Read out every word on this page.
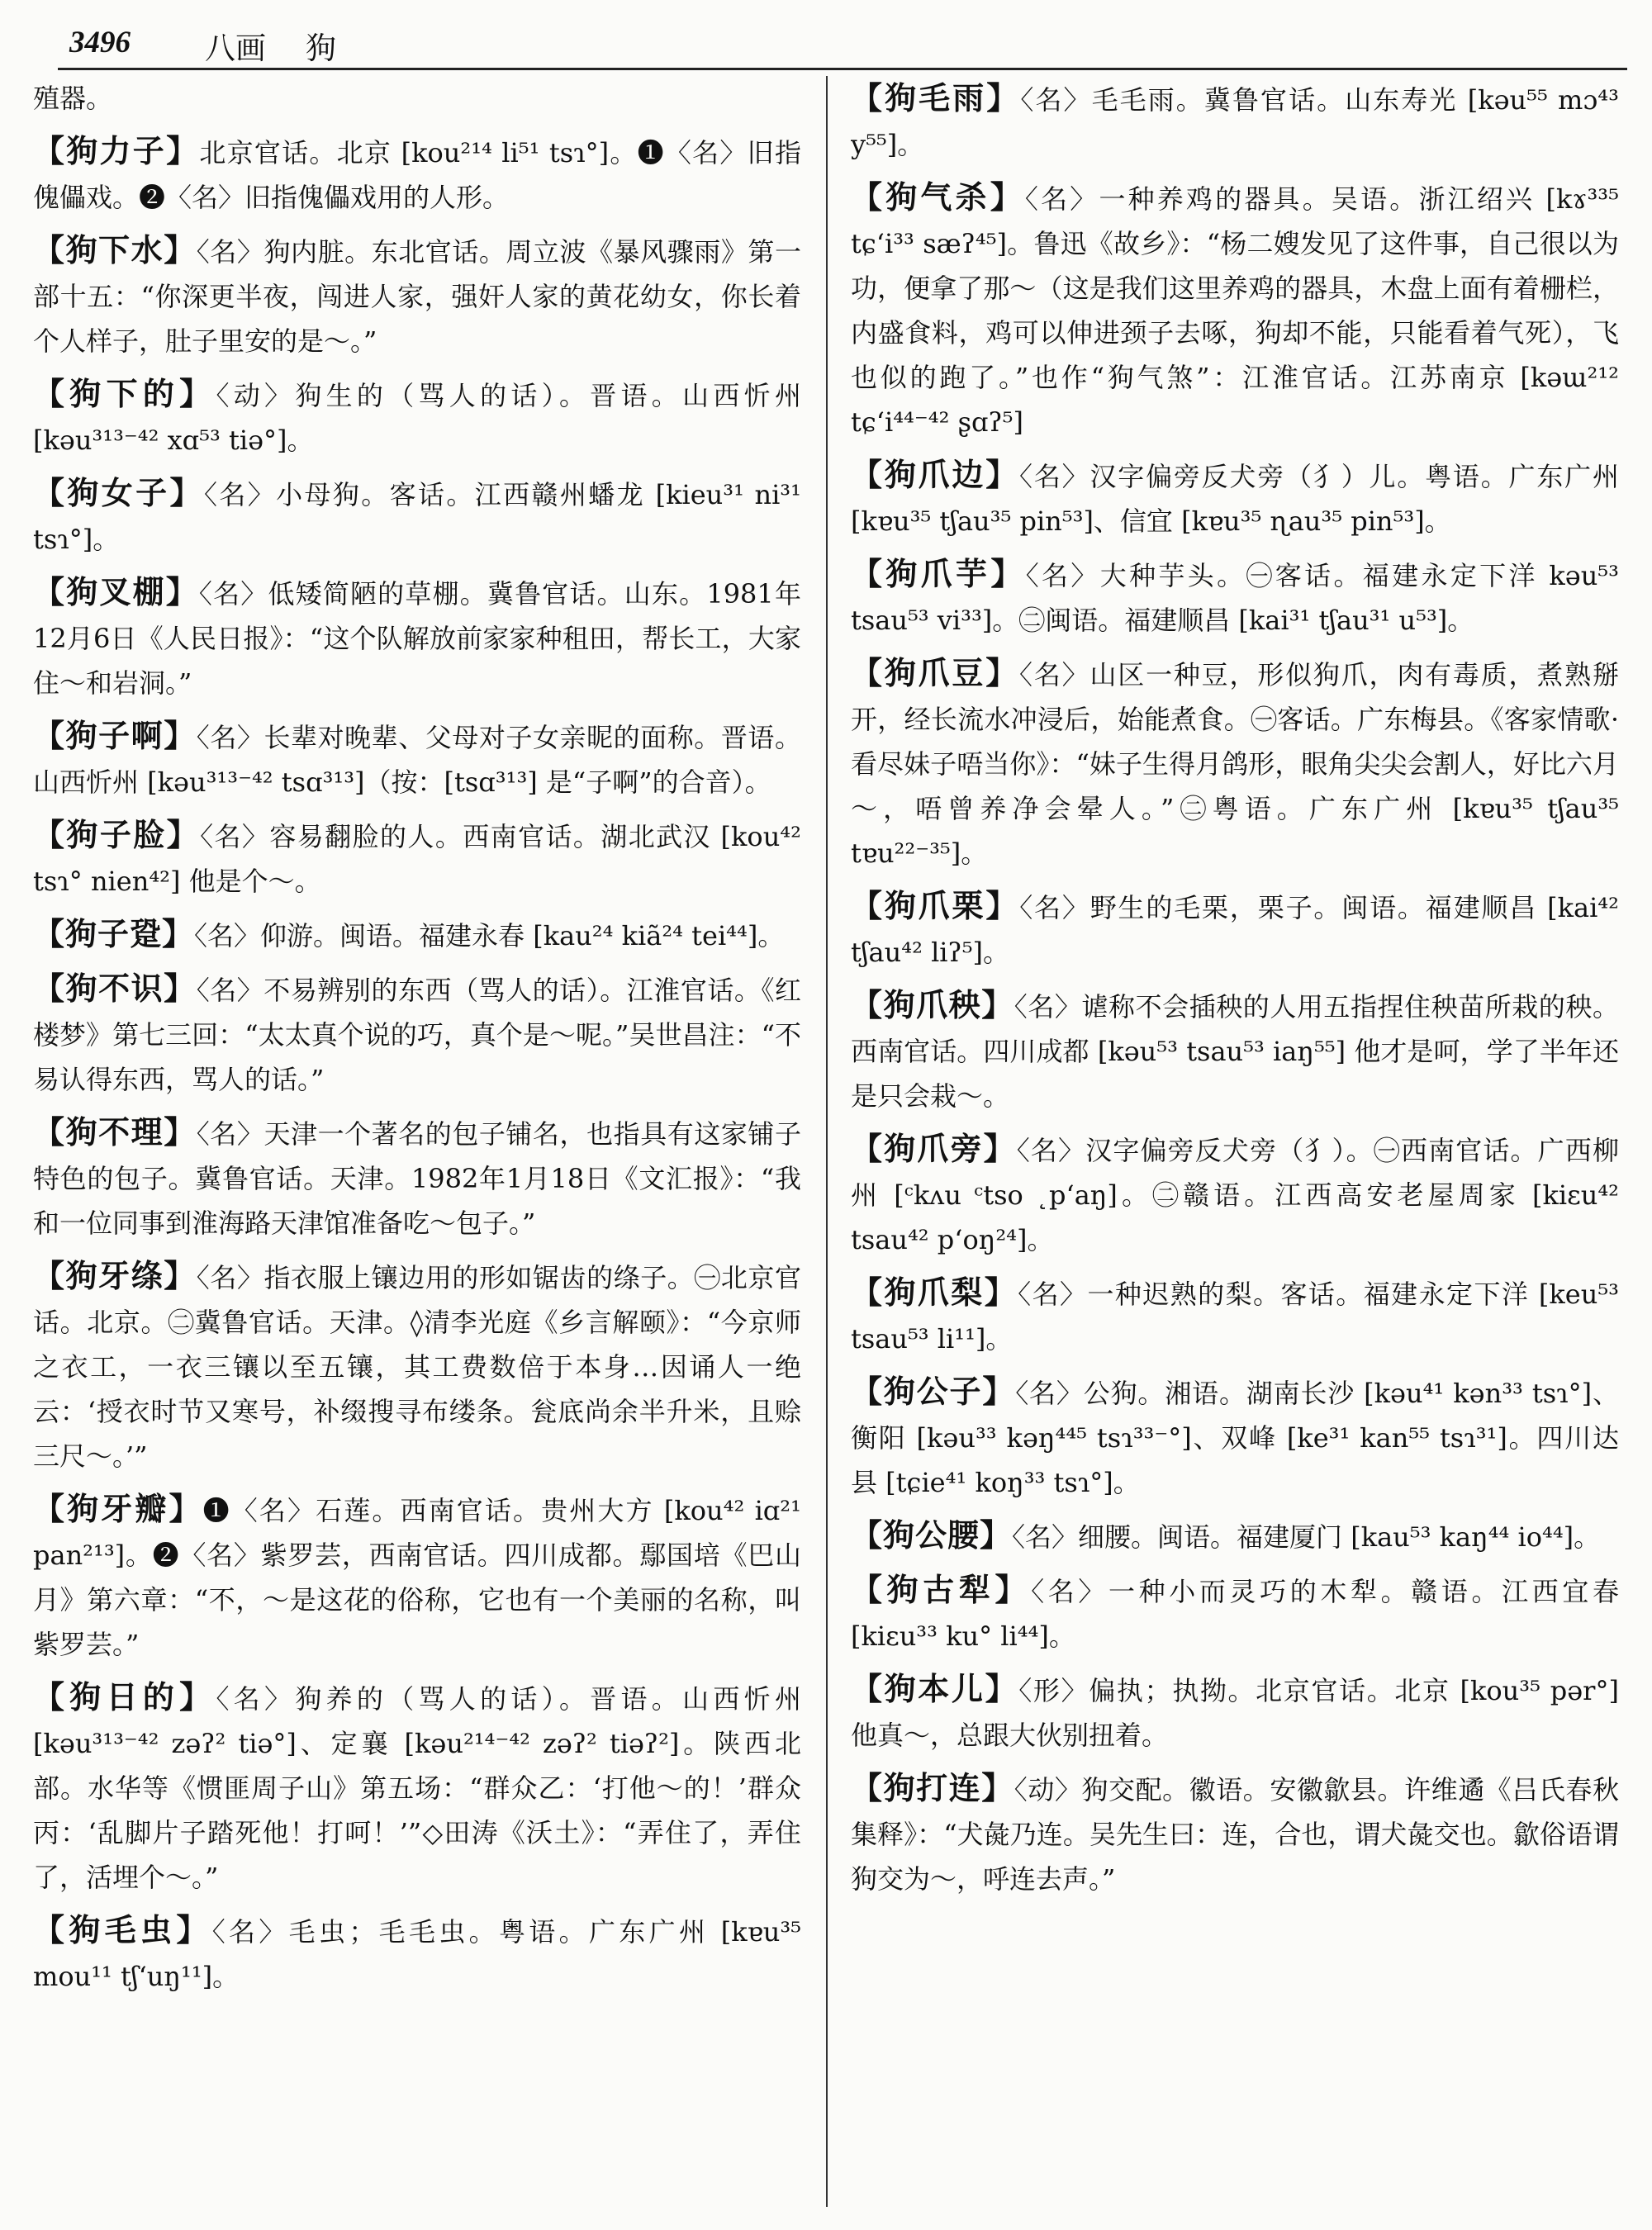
3496 八画 狗

殖器。

【 狗力子 】 北京官话。北京 [kou²¹⁴ li⁵¹ tsɿ°]。❶〈名〉旧指傀儡戏。❷〈名〉旧指傀儡戏用的人形。

【 狗下水 】 〈名〉狗内脏。东北官话。周立波《暴风骤雨》第一部十五：“你深更半夜，闯进人家，强奸人家的黄花幼女，你长着个人样子，肚子里安的是～。”

【 狗下的 】 〈动〉狗生的（骂人的话）。晋语。山西忻州 [kəu³¹³⁻⁴² xɑ⁵³ tiə°]。

【 狗女子 】 〈名〉小母狗。客话。江西赣州蟠龙 [kieu³¹ ni³¹ tsɿ°]。

【 狗叉棚 】 〈名〉低矮简陋的草棚。冀鲁官话。山东。1981年12月6日《人民日报》：“这个队解放前家家种租田，帮长工，大家住～和岩洞。”

【 狗子啊 】 〈名〉长辈对晚辈、父母对子女亲昵的面称。晋语。山西忻州 [kəu³¹³⁻⁴² tsɑ³¹³]（按：[tsɑ³¹³] 是“子啊”的合音）。

【 狗子脸 】 〈名〉容易翻脸的人。西南官话。湖北武汉 [kou⁴² tsɿ° nien⁴²] 他是个～。

【 狗子跫 】 〈名〉仰游。闽语。福建永春 [kau²⁴ kiã²⁴ tei⁴⁴]。

【 狗不识 】 〈名〉不易辨别的东西（骂人的话）。江淮官话。《红楼梦》第七三回：“太太真个说的巧，真个是～呢。”吴世昌注：“不易认得东西，骂人的话。”

【 狗不理 】 〈名〉天津一个著名的包子铺名，也指具有这家铺子特色的包子。冀鲁官话。天津。1982年1月18日《文汇报》：“我和一位同事到淮海路天津馆准备吃～包子。”

【 狗牙绦 】 〈名〉指衣服上镶边用的形如锯齿的绦子。㊀北京官话。北京。㊁冀鲁官话。天津。◊清李光庭《乡言解颐》：“今京师之衣工，一衣三镶以至五镶，其工费数倍于本身…因诵人一绝云：‘授衣时节又寒号，补缀搜寻布缕条。瓮底尚余半升米，且赊三尺～。’”

【 狗牙瓣 】 ❶〈名〉石莲。西南官话。贵州大方 [kou⁴² iɑ²¹ pan²¹³]。❷〈名〉紫罗芸，西南官话。四川成都。鄢国培《巴山月》第六章：“不，～是这花的俗称，它也有一个美丽的名称，叫紫罗芸。”

【 狗日的 】 〈名〉狗养的（骂人的话）。晋语。山西忻州 [kəu³¹³⁻⁴² zəʔ² tiə°]、定襄 [kəu²¹⁴⁻⁴² zəʔ² tiəʔ²]。陕西北部。水华等《惯匪周子山》第五场：“群众乙：‘打他～的！’群众丙：‘乱脚片子踏死他！打呵！’”◇田涛《沃土》：“弄住了，弄住了，活埋个～。”

【 狗毛虫 】 〈名〉毛虫；毛毛虫。粤语。广东广州 [kɐu³⁵ mou¹¹ tʃʻuŋ¹¹]。

【 狗毛雨 】 〈名〉毛毛雨。冀鲁官话。山东寿光 [kəu⁵⁵ mɔ⁴³ y⁵⁵]。

【 狗气杀 】 〈名〉一种养鸡的器具。吴语。浙江绍兴 [kɤ³³⁵ tɕʻi³³ sæʔ⁴⁵]。鲁迅《故乡》：“杨二嫂发见了这件事，自己很以为功，便拿了那～（这是我们这里养鸡的器具，木盘上面有着栅栏，内盛食料，鸡可以伸进颈子去啄，狗却不能，只能看着气死），飞也似的跑了。”也作“狗气煞”：江淮官话。江苏南京 [kəɯ²¹² tɕʻi⁴⁴⁻⁴² ʂɑʔ⁵]

【 狗爪边 】 〈名〉汉字偏旁反犬旁（犭）儿。粤语。广东广州 [kɐu³⁵ tʃau³⁵ pin⁵³]、信宜 [kɐu³⁵ ɳau³⁵ pin⁵³]。

【 狗爪芋 】 〈名〉大种芋头。㊀客话。福建永定下洋 kəu⁵³ tsau⁵³ vi³³]。㊁闽语。福建顺昌 [kai³¹ tʃau³¹ u⁵³]。

【 狗爪豆 】 〈名〉山区一种豆，形似狗爪，肉有毒质，煮熟掰开，经长流水冲浸后，始能煮食。㊀客话。广东梅县。《客家情歌·看尽妹子唔当你》：“妹子生得月鸽形，眼角尖尖会割人，好比六月～，唔曾养净会晕人。”㊁粤语。广东广州 [kɐu³⁵ tʃau³⁵ tɐu²²⁻³⁵]。

【 狗爪栗 】 〈名〉野生的毛栗，栗子。闽语。福建顺昌 [kai⁴² tʃau⁴² liʔ⁵]。

【 狗爪秧 】 〈名〉谑称不会插秧的人用五指捏住秧苗所栽的秧。西南官话。四川成都 [kəu⁵³ tsau⁵³ iaŋ⁵⁵] 他才是呵，学了半年还是只会栽～。

【 狗爪旁 】 〈名〉汉字偏旁反犬旁（犭）。㊀西南官话。广西柳州 [ᶜkʌu ᶜtso ˛pʻaŋ]。㊁赣语。江西高安老屋周家 [kiɛu⁴² tsau⁴² pʻoŋ²⁴]。

【 狗爪梨 】 〈名〉一种迟熟的梨。客话。福建永定下洋 [keu⁵³ tsau⁵³ li¹¹]。

【 狗公子 】 〈名〉公狗。湘语。湖南长沙 [kəu⁴¹ kən³³ tsɿ°]、衡阳 [kəu³³ kəŋ⁴⁴⁵ tsɿ³³⁻°]、双峰 [ke³¹ kan⁵⁵ tsɿ³¹]。四川达县 [tɕie⁴¹ koŋ³³ tsɿ°]。

【 狗公腰 】 〈名〉细腰。闽语。福建厦门 [kau⁵³ kaŋ⁴⁴ io⁴⁴]。

【 狗古犁 】 〈名〉一种小而灵巧的木犁。赣语。江西宜春 [kiɛu³³ ku° li⁴⁴]。

【 狗本儿 】 〈形〉偏执；执拗。北京官话。北京 [kou³⁵ pər°] 他真～，总跟大伙别扭着。

【 狗打连 】 〈动〉狗交配。徽语。安徽歙县。许维遹《吕氏春秋集释》：“犬彘乃连。吴先生曰：连，合也，谓犬彘交也。歙俗语谓狗交为～，呼连去声。”
